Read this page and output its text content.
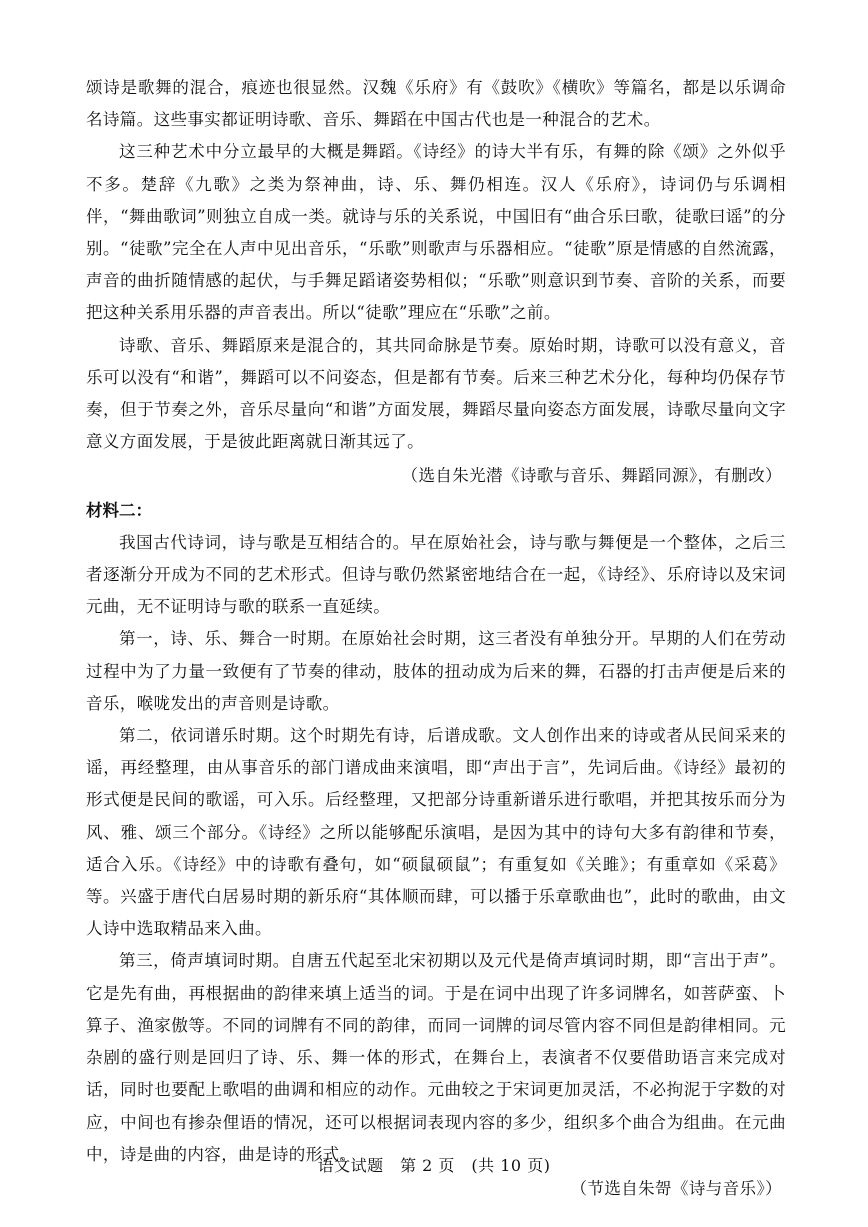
颂诗是歌舞的混合，痕迹也很显然。汉魏《乐府》有《鼓吹》《横吹》等篇名，都是以乐调命名诗篇。这些事实都证明诗歌、音乐、舞蹈在中国古代也是一种混合的艺术。

这三种艺术中分立最早的大概是舞蹈。《诗经》的诗大半有乐，有舞的除《颂》之外似乎不多。楚辞《九歌》之类为祭神曲，诗、乐、舞仍相连。汉人《乐府》，诗词仍与乐调相伴，“舞曲歌词”则独立自成一类。就诗与乐的关系说，中国旧有“曲合乐曰歌，徒歌曰谣”的分别。“徒歌”完全在人声中见出音乐，“乐歌”则歌声与乐器相应。“徒歌”原是情感的自然流露，声音的曲折随情感的起伏，与手舞足蹈诸姿势相似；“乐歌”则意识到节奏、音阶的关系，而要把这种关系用乐器的声音表出。所以“徒歌”理应在“乐歌”之前。

诗歌、音乐、舞蹈原来是混合的，其共同命脉是节奏。原始时期，诗歌可以没有意义，音乐可以没有“和谐”，舞蹈可以不问姿态，但是都有节奏。后来三种艺术分化，每种均仍保存节奏，但于节奏之外，音乐尽量向“和谐”方面发展，舞蹈尽量向姿态方面发展，诗歌尽量向文字意义方面发展，于是彼此距离就日渐其远了。

（选自朱光潜《诗歌与音乐、舞蹈同源》，有删改）

材料二：

我国古代诗词，诗与歌是互相结合的。早在原始社会，诗与歌与舞便是一个整体，之后三者逐渐分开成为不同的艺术形式。但诗与歌仍然紧密地结合在一起，《诗经》、乐府诗以及宋词元曲，无不证明诗与歌的联系一直延续。

第一，诗、乐、舞合一时期。在原始社会时期，这三者没有单独分开。早期的人们在劳动过程中为了力量一致便有了节奏的律动，肢体的扭动成为后来的舞，石器的打击声便是后来的音乐，喉咙发出的声音则是诗歌。

第二，依词谱乐时期。这个时期先有诗，后谱成歌。文人创作出来的诗或者从民间采来的谣，再经整理，由从事音乐的部门谱成曲来演唱，即“声出于言”，先词后曲。《诗经》最初的形式便是民间的歌谣，可入乐。后经整理，又把部分诗重新谱乐进行歌唱，并把其按乐而分为风、雅、颂三个部分。《诗经》之所以能够配乐演唱，是因为其中的诗句大多有韵律和节奏，适合入乐。《诗经》中的诗歌有叠句，如“硕鼠硕鼠”；有重复如《关雎》；有重章如《采葛》等。兴盛于唐代白居易时期的新乐府“其体顺而肆，可以播于乐章歌曲也”，此时的歌曲，由文人诗中选取精品来入曲。

第三，倚声填词时期。自唐五代起至北宋初期以及元代是倚声填词时期，即“言出于声”。它是先有曲，再根据曲的韵律来填上适当的词。于是在词中出现了许多词牌名，如菩萨蛮、卜算子、渔家傲等。不同的词牌有不同的韵律，而同一词牌的词尽管内容不同但是韵律相同。元杂剧的盛行则是回归了诗、乐、舞一体的形式，在舞台上，表演者不仅要借助语言来完成对话，同时也要配上歌唱的曲调和相应的动作。元曲较之于宋词更加灵活，不必拘泥于字数的对应，中间也有掺杂俚语的情况，还可以根据词表现内容的多少，组织多个曲合为组曲。在元曲中，诗是曲的内容，曲是诗的形式。

（节选自朱哿《诗与音乐》）

语文试题　第 2 页　(共 10 页)
